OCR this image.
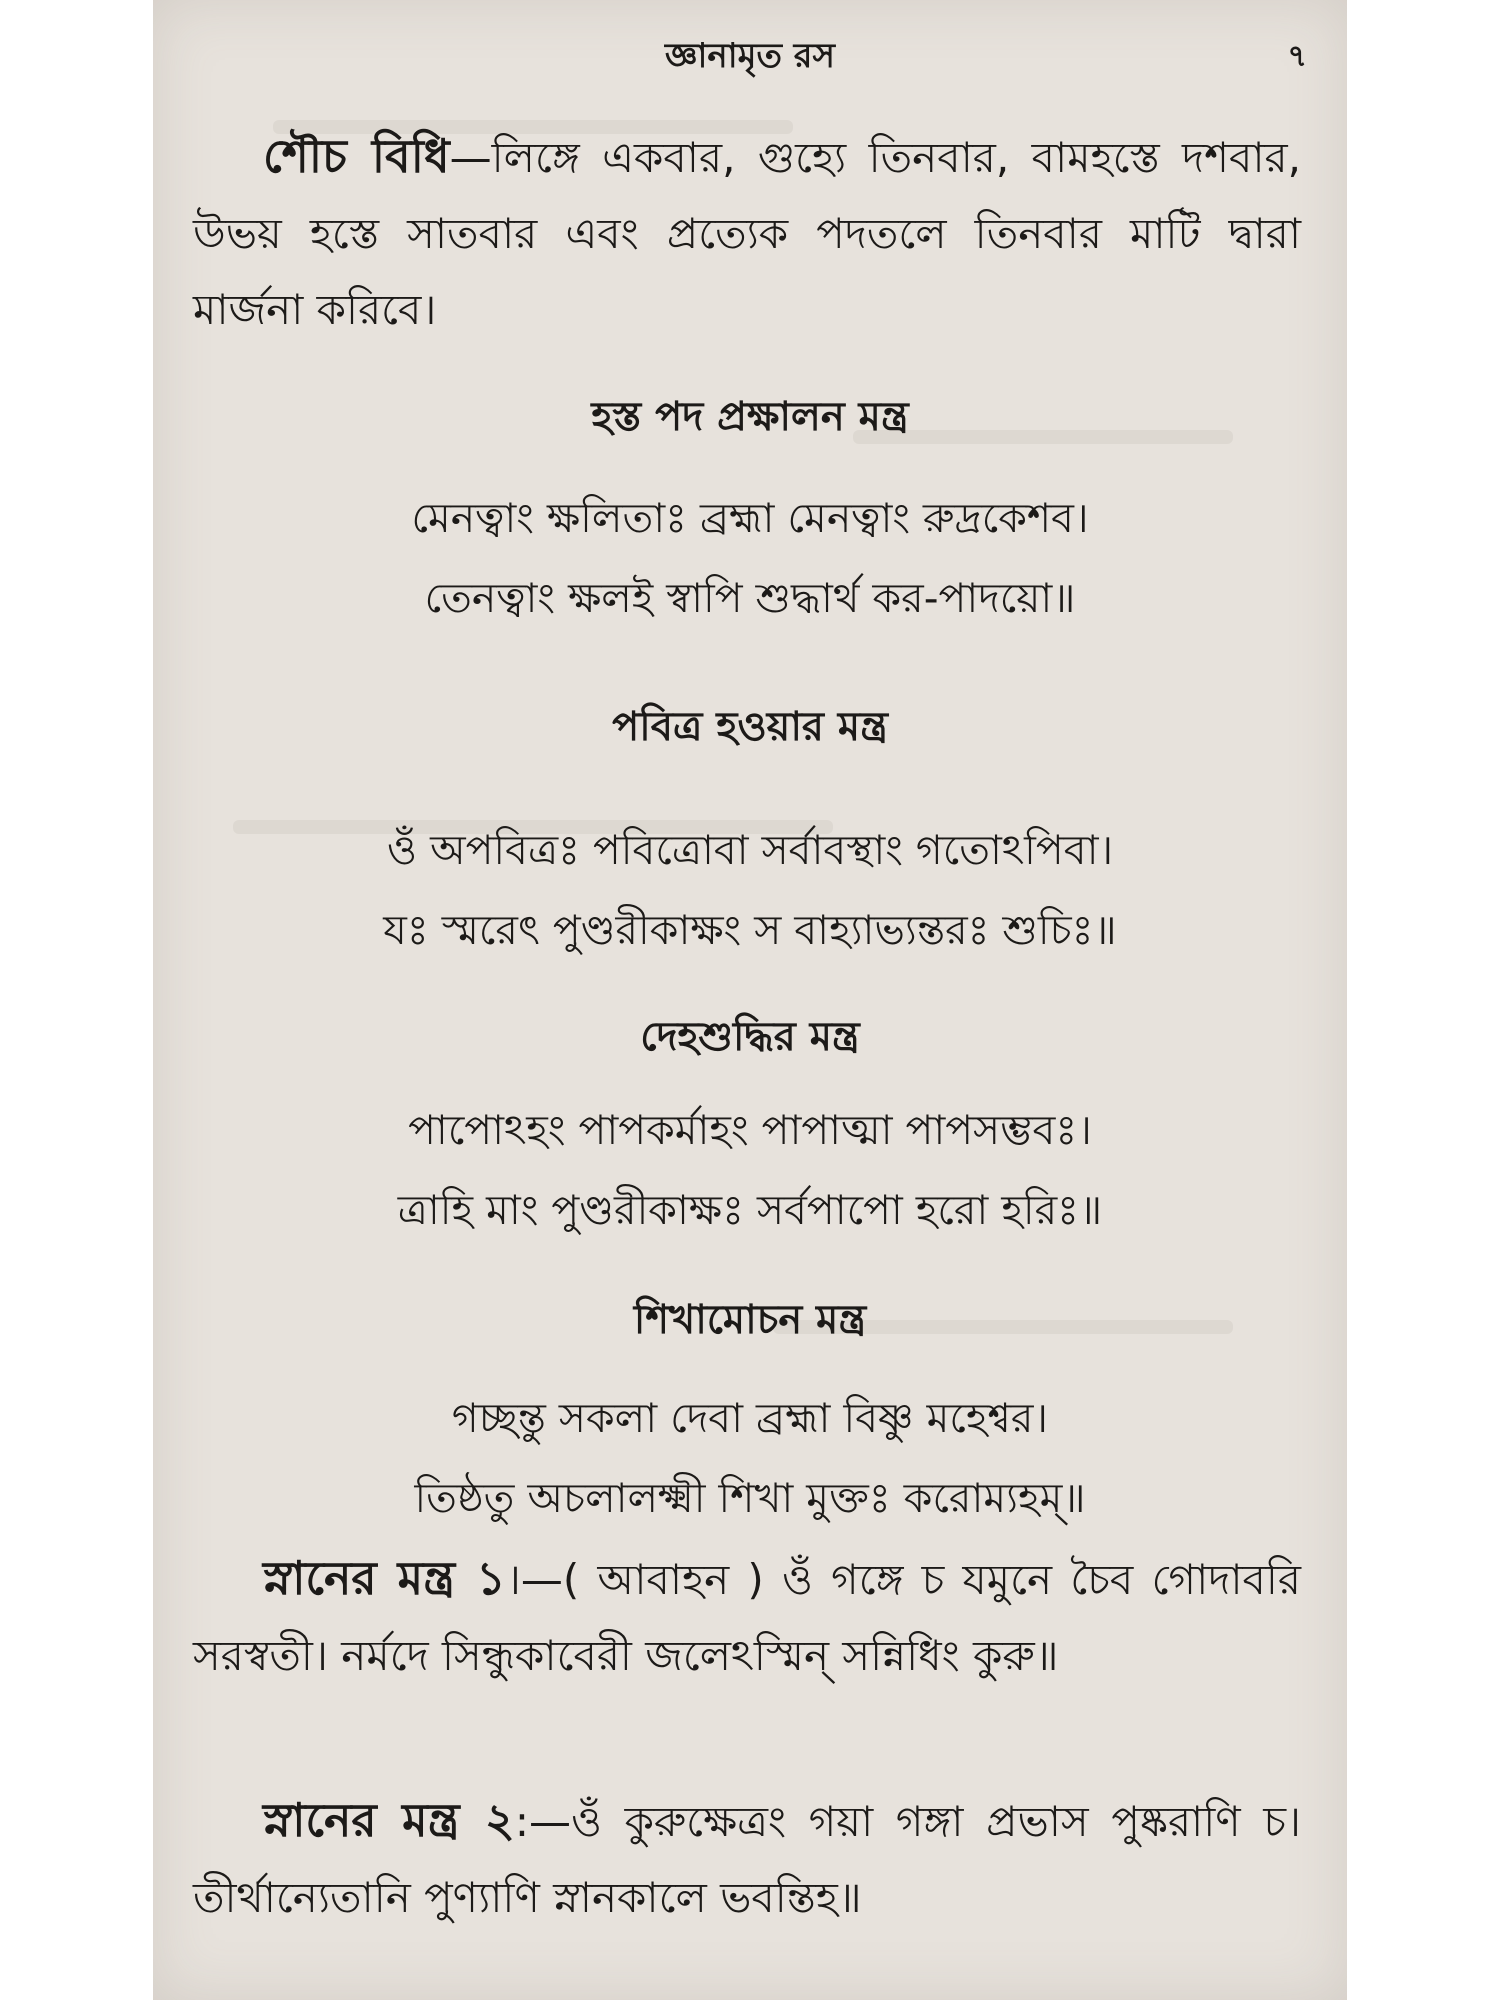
জ্ঞানামৃত রস	৭

শৌচ বিধি—লিঙ্গে একবার, গুহ্যে তিনবার, বামহস্তে দশবার, উভয় হস্তে সাতবার এবং প্রত্যেক পদতলে তিনবার মাটি দ্বারা মার্জনা করিবে।

হস্ত পদ প্রক্ষালন মন্ত্র
মেনত্বাং ক্ষলিতাঃ ব্রহ্মা মেনত্বাং রুদ্রকেশব।
তেনত্বাং ক্ষলই স্বাপি শুদ্ধার্থ কর-পাদয়ো॥
পবিত্র হওয়ার মন্ত্র
ওঁ অপবিত্রঃ পবিত্রোবা সর্বাবস্থাং গতোঽপিবা।
যঃ স্মরেৎ পুণ্ডরীকাক্ষং স বাহ্যাভ্যন্তরঃ শুচিঃ॥
দেহশুদ্ধির মন্ত্র
পাপোঽহং পাপকর্মাহং পাপাত্মা পাপসম্ভবঃ।
ত্রাহি মাং পুণ্ডরীকাক্ষঃ সর্বপাপো হরো হরিঃ॥
শিখামোচন মন্ত্র
গচ্ছন্তু সকলা দেবা ব্রহ্মা বিষ্ণু মহেশ্বর।
তিষ্ঠতু অচলালক্ষ্মী শিখা মুক্তঃ করোম্যহম্॥

স্নানের মন্ত্র ১।—( আবাহন ) ওঁ গঙ্গে চ যমুনে চৈব গোদাবরি সরস্বতী। নর্মদে সিন্ধুকাবেরী জলেঽস্মিন্ সন্নিধিং কুরু॥

স্নানের মন্ত্র ২:—ওঁ কুরুক্ষেত্রং গয়া গঙ্গা প্রভাস পুষ্করাণি চ। তীর্থান্যেতানি পুণ্যাণি স্নানকালে ভবন্তিহ॥
